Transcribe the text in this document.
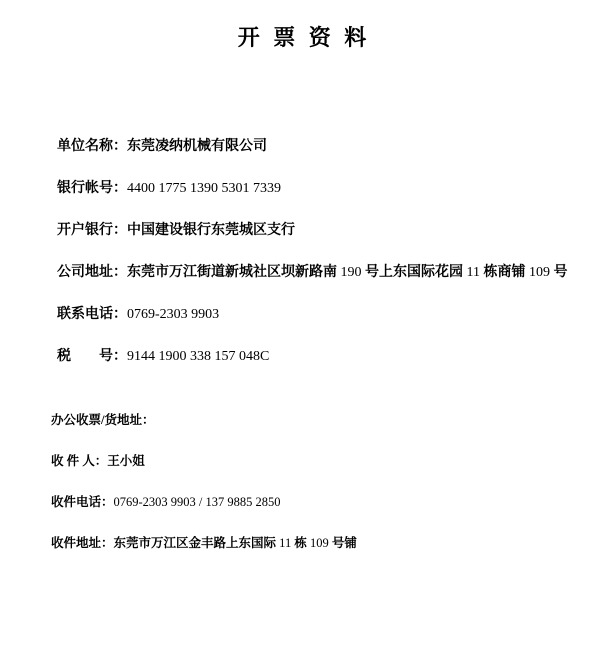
开 票 资 料
单位名称：东莞凌纳机械有限公司
银行帐号：4400 1775 1390 5301 7339
开户银行：中国建设银行东莞城区支行
公司地址：东莞市万江街道新城社区坝新路南 190 号上东国际花园 11 栋商铺 109 号
联系电话：0769-2303 9903
税　　号：9144 1900 338 157 048C
办公收票/货地址：
收 件 人：王小姐
收件电话：0769-2303 9903 / 137 9885 2850
收件地址：东莞市万江区金丰路上东国际 11 栋 109 号铺
